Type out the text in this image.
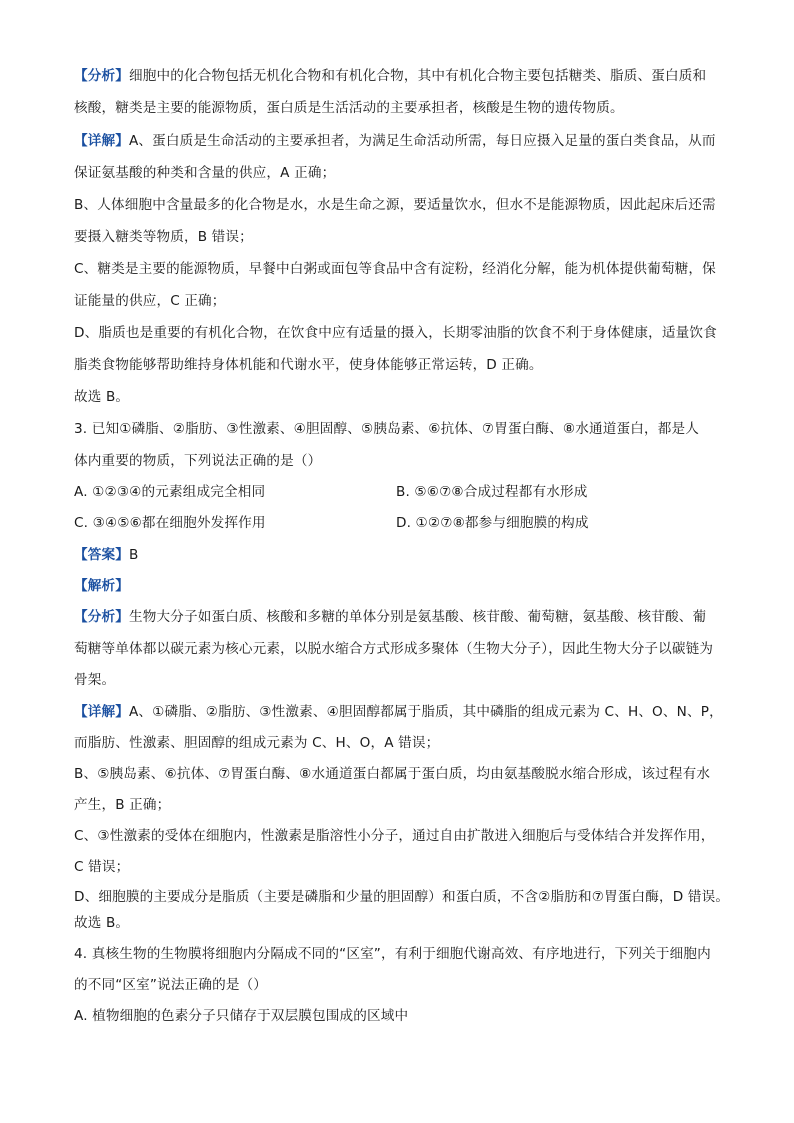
【分析】细胞中的化合物包括无机化合物和有机化合物，其中有机化合物主要包括糖类、脂质、蛋白质和
核酸，糖类是主要的能源物质，蛋白质是生活活动的主要承担者，核酸是生物的遗传物质。
【详解】A、蛋白质是生命活动的主要承担者，为满足生命活动所需，每日应摄入足量的蛋白类食品，从而
保证氨基酸的种类和含量的供应，A 正确；
B、人体细胞中含量最多的化合物是水，水是生命之源，要适量饮水，但水不是能源物质，因此起床后还需
要摄入糖类等物质，B 错误；
C、糖类是主要的能源物质，早餐中白粥或面包等食品中含有淀粉，经消化分解，能为机体提供葡萄糖，保
证能量的供应，C 正确；
D、脂质也是重要的有机化合物，在饮食中应有适量的摄入，长期零油脂的饮食不利于身体健康，适量饮食
脂类食物能够帮助维持身体机能和代谢水平，使身体能够正常运转，D 正确。
故选 B。
3. 已知①磷脂、②脂肪、③性激素、④胆固醇、⑤胰岛素、⑥抗体、⑦胃蛋白酶、⑧水通道蛋白，都是人
体内重要的物质，下列说法正确的是（）
A. ①②③④的元素组成完全相同	B. ⑤⑥⑦⑧合成过程都有水形成
C. ③④⑤⑥都在细胞外发挥作用	D. ①②⑦⑧都参与细胞膜的构成
【答案】B
【解析】
【分析】生物大分子如蛋白质、核酸和多糖的单体分别是氨基酸、核苷酸、葡萄糖，氨基酸、核苷酸、葡
萄糖等单体都以碳元素为核心元素，以脱水缩合方式形成多聚体（生物大分子），因此生物大分子以碳链为
骨架。
【详解】A、①磷脂、②脂肪、③性激素、④胆固醇都属于脂质，其中磷脂的组成元素为 C、H、O、N、P，
而脂肪、性激素、胆固醇的组成元素为 C、H、O，A 错误；
B、⑤胰岛素、⑥抗体、⑦胃蛋白酶、⑧水通道蛋白都属于蛋白质，均由氨基酸脱水缩合形成，该过程有水
产生，B 正确；
C、③性激素的受体在细胞内，性激素是脂溶性小分子，通过自由扩散进入细胞后与受体结合并发挥作用，
C 错误；
D、细胞膜的主要成分是脂质（主要是磷脂和少量的胆固醇）和蛋白质，不含②脂肪和⑦胃蛋白酶，D 错误。
故选 B。
4. 真核生物的生物膜将细胞内分隔成不同的“区室”，有利于细胞代谢高效、有序地进行，下列关于细胞内
的不同“区室”说法正确的是（）
A. 植物细胞的色素分子只储存于双层膜包围成的区域中
